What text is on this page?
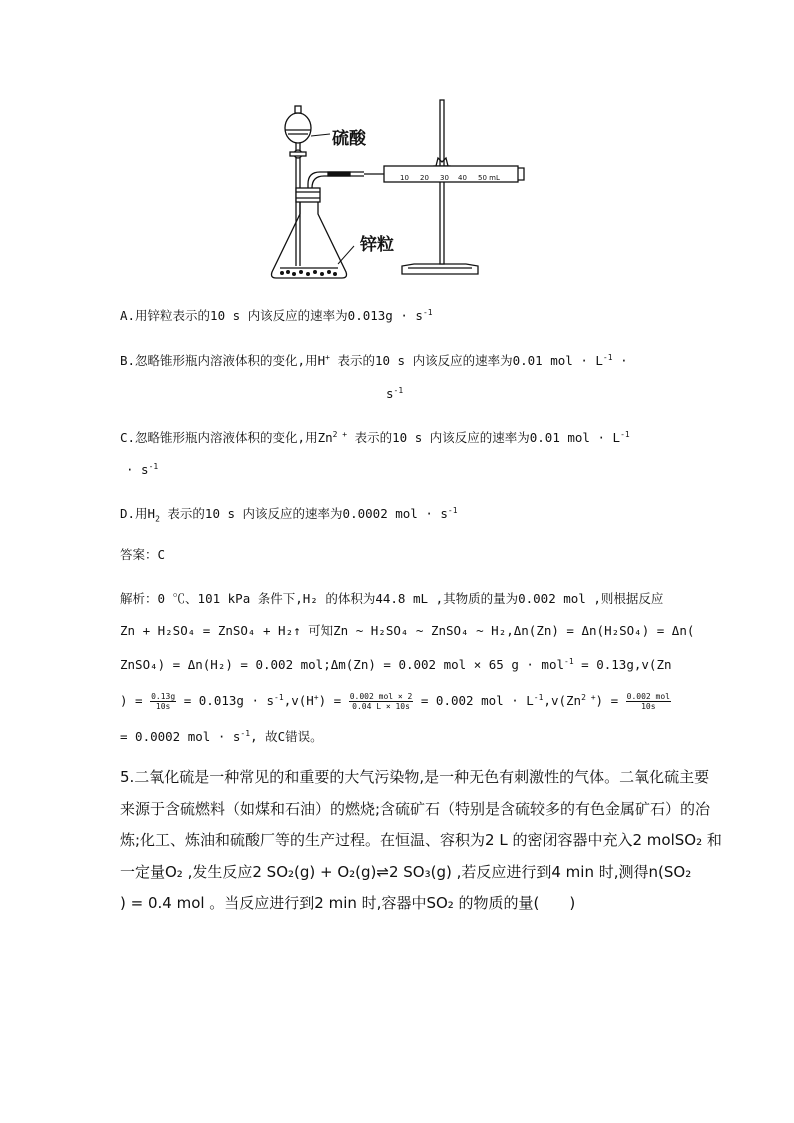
硫酸
锌粒
10 20 30 40 50 mL
A.用锌粒表示的10 s 内该反应的速率为$0.013g \cdot s^{-1}$
B.忽略锥形瓶内溶液体积的变化,用H+ 表示的10 s 内该反应的速率为0.01 mol · $L^{-1}$ ·
$s^{-1}$
C.忽略锥形瓶内溶液体积的变化,用$Zn^{2 +}$ 表示的10 s 内该反应的速率为0.01 mol · $L^{-1}$
· $s^{-1}$
D.用$H_2$ 表示的10 s 内该反应的速率为0.0002 mol · $s^{-1}$
答案：C
解析：0 ℃、101 kPa 条件下,H₂ 的体积为44.8 mL ,其物质的量为0.002 mol ,则根据反应
Zn + H₂SO₄ = ZnSO₄ + H₂↑ 可知Zn ~ H₂SO₄ ~ ZnSO₄ ~ H₂,Δn(Zn) = Δn(H₂SO₄) = Δn(
ZnSO₄) = Δn(H₂) = 0.002 mol;Δm(Zn) = 0.002 mol × 65 g · mol$^{-1}$ = 0.13g,v(Zn
) = $\frac{0.13g}{10s} = 0.013g \cdot s^{-1},v(H^+) = \frac{\text{0.002 mol × 2}}{0.04 L \times 10s} = 0.002$ mol · $L^{-1},v(Zn^{2 +}) = \frac{\text{0.002 mol}}{10s}$
= 0.0002 mol · $s^{-1}$, 故C错误。
5.二氧化硫是一种常见的和重要的大气污染物,是一种无色有刺激性的气体。二氧化硫主要
来源于含硫燃料（如煤和石油）的燃烧;含硫矿石（特别是含硫较多的有色金属矿石）的冶
炼;化工、炼油和硫酸厂等的生产过程。在恒温、容积为2 L 的密闭容器中充入2 molSO₂ 和
一定量O₂ ,发生反应2 SO₂(g) + O₂(g)⇌2 SO₃(g) ,若反应进行到4 min 时,测得n(SO₂
) = 0.4 mol 。当反应进行到2 min 时,容器中SO₂ 的物质的量(　　)
